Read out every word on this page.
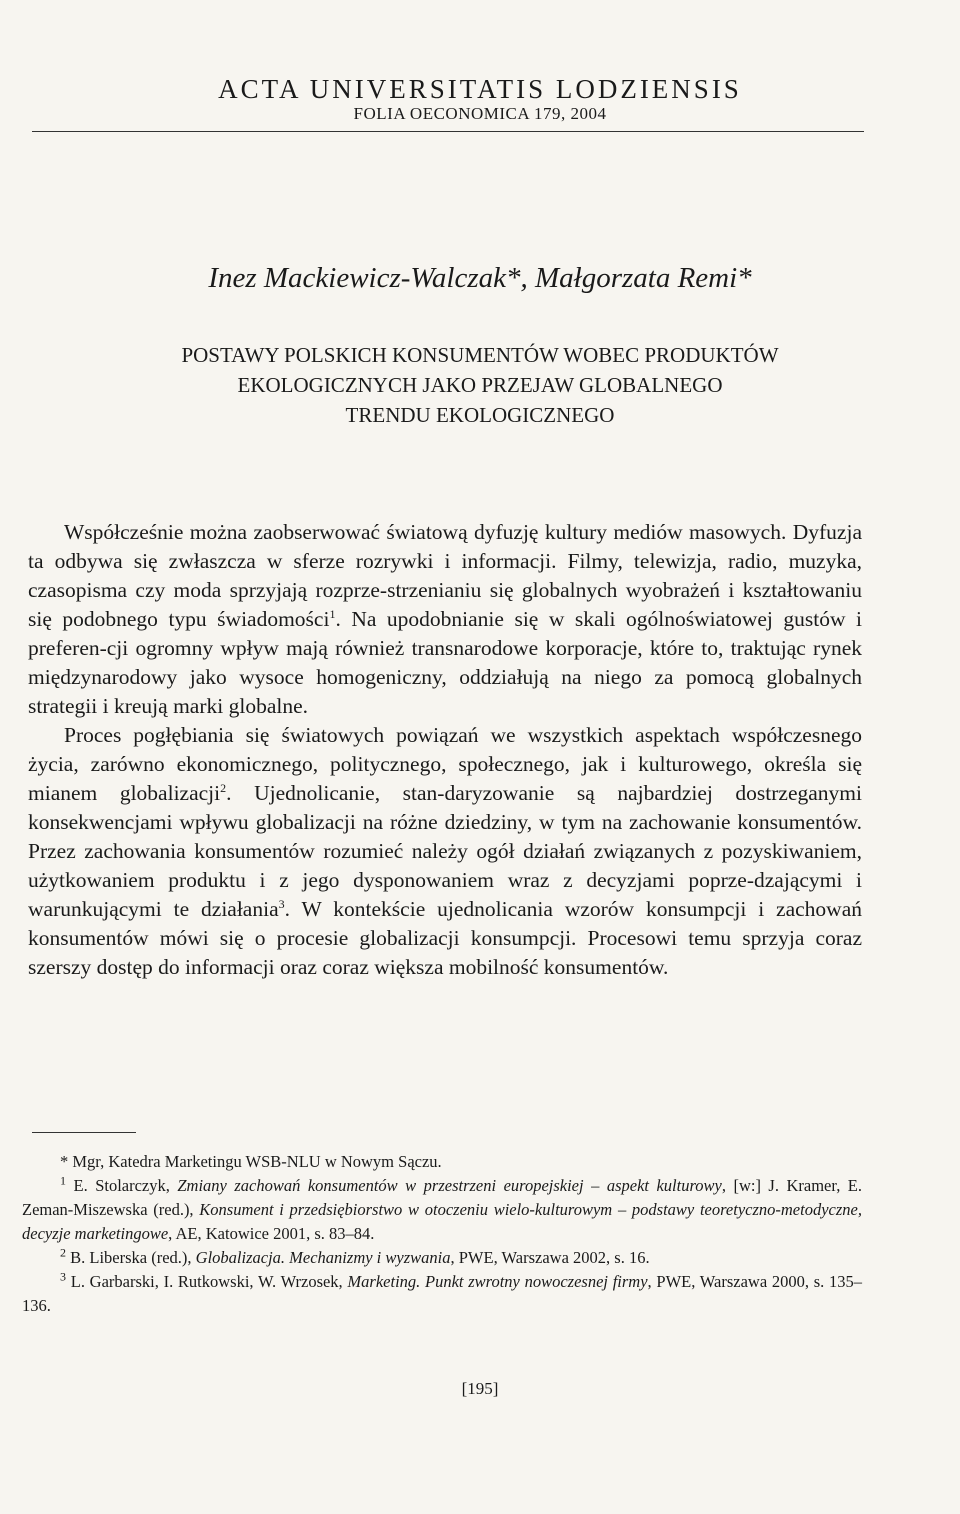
ACTA UNIVERSITATIS LODZIENSIS
FOLIA OECONOMICA 179, 2004
Inez Mackiewicz-Walczak*, Małgorzata Remi*
POSTAWY POLSKICH KONSUMENTÓW WOBEC PRODUKTÓW
EKOLOGICZNYCH JAKO PRZEJAW GLOBALNEGO
TRENDU EKOLOGICZNEGO

Współcześnie można zaobserwować światową dyfuzję kultury mediów masowych. Dyfuzja ta odbywa się zwłaszcza w sferze rozrywki i informacji. Filmy, telewizja, radio, muzyka, czasopisma czy moda sprzyjają rozprze-strzenianiu się globalnych wyobrażeń i kształtowaniu się podobnego typu świadomości$^1$. Na upodobnianie się w skali ogólnoświatowej gustów i preferen-cji ogromny wpływ mają również transnarodowe korporacje, które to, traktując rynek międzynarodowy jako wysoce homogeniczny, oddziałują na niego za pomocą globalnych strategii i kreują marki globalne.

Proces pogłębiania się światowych powiązań we wszystkich aspektach współczesnego życia, zarówno ekonomicznego, politycznego, społecznego, jak i kulturowego, określa się mianem globalizacji$^2$. Ujednolicanie, stan-daryzowanie są najbardziej dostrzeganymi konsekwencjami wpływu globalizacji na różne dziedziny, w tym na zachowanie konsumentów. Przez zachowania konsumentów rozumieć należy ogół działań związanych z pozyskiwaniem, użytkowaniem produktu i z jego dysponowaniem wraz z decyzjami poprze-dzającymi i warunkującymi te działania$^3$. W kontekście ujednolicania wzorów konsumpcji i zachowań konsumentów mówi się o procesie globalizacji konsumpcji. Procesowi temu sprzyja coraz szerszy dostęp do informacji oraz coraz większa mobilność konsumentów.

* Mgr, Katedra Marketingu WSB-NLU w Nowym Sączu.

$^1$ E. Stolarczyk, Zmiany zachowań konsumentów w przestrzeni europejskiej – aspekt kulturowy, [w:] J. Kramer, E. Zeman-Miszewska (red.), Konsument i przedsiębiorstwo w otoczeniu wielo-kulturowym – podstawy teoretyczno-metodyczne, decyzje marketingowe, AE, Katowice 2001, s. 83–84.

$^2$ B. Liberska (red.), Globalizacja. Mechanizmy i wyzwania, PWE, Warszawa 2002, s. 16.

$^3$ L. Garbarski, I. Rutkowski, W. Wrzosek, Marketing. Punkt zwrotny nowoczesnej firmy, PWE, Warszawa 2000, s. 135–136.

[195]
